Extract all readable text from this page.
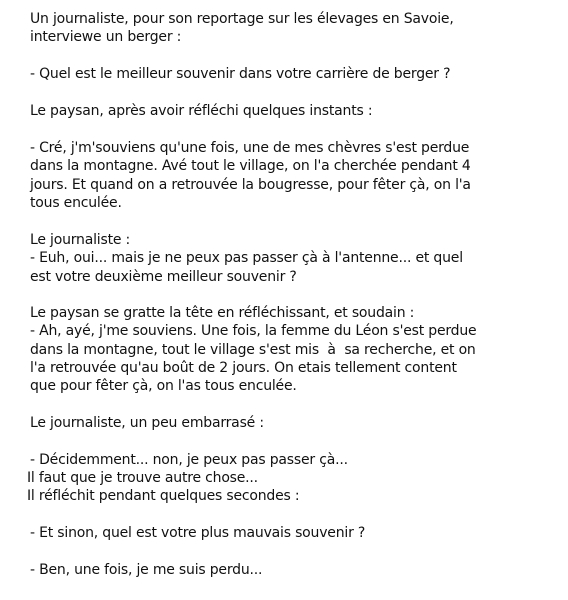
Un journaliste, pour son reportage sur les élevages en Savoie,
interviewe un berger :
- Quel est le meilleur souvenir dans votre carrière de berger ?
Le paysan, après avoir réfléchi quelques instants :
- Cré, j'm'souviens qu'une fois, une de mes chèvres s'est perdue
dans la montagne. Avé tout le village, on l'a cherchée pendant 4
jours. Et quand on a retrouvée la bougresse, pour fêter çà, on l'a
tous enculée.
Le journaliste :
- Euh, oui... mais je ne peux pas passer çà à l'antenne... et quel
est votre deuxième meilleur souvenir ?
Le paysan se gratte la tête en réfléchissant, et soudain :
- Ah, ayé, j'me souviens. Une fois, la femme du Léon s'est perdue
dans la montagne, tout le village s'est mis  à  sa recherche, et on
l'a retrouvée qu'au boût de 2 jours. On etais tellement content
que pour fêter çà, on l'as tous enculée.
Le journaliste, un peu embarrasé :
- Décidemment... non, je peux pas passer çà...
Il faut que je trouve autre chose...
Il réfléchit pendant quelques secondes :
- Et sinon, quel est votre plus mauvais souvenir ?
- Ben, une fois, je me suis perdu...
